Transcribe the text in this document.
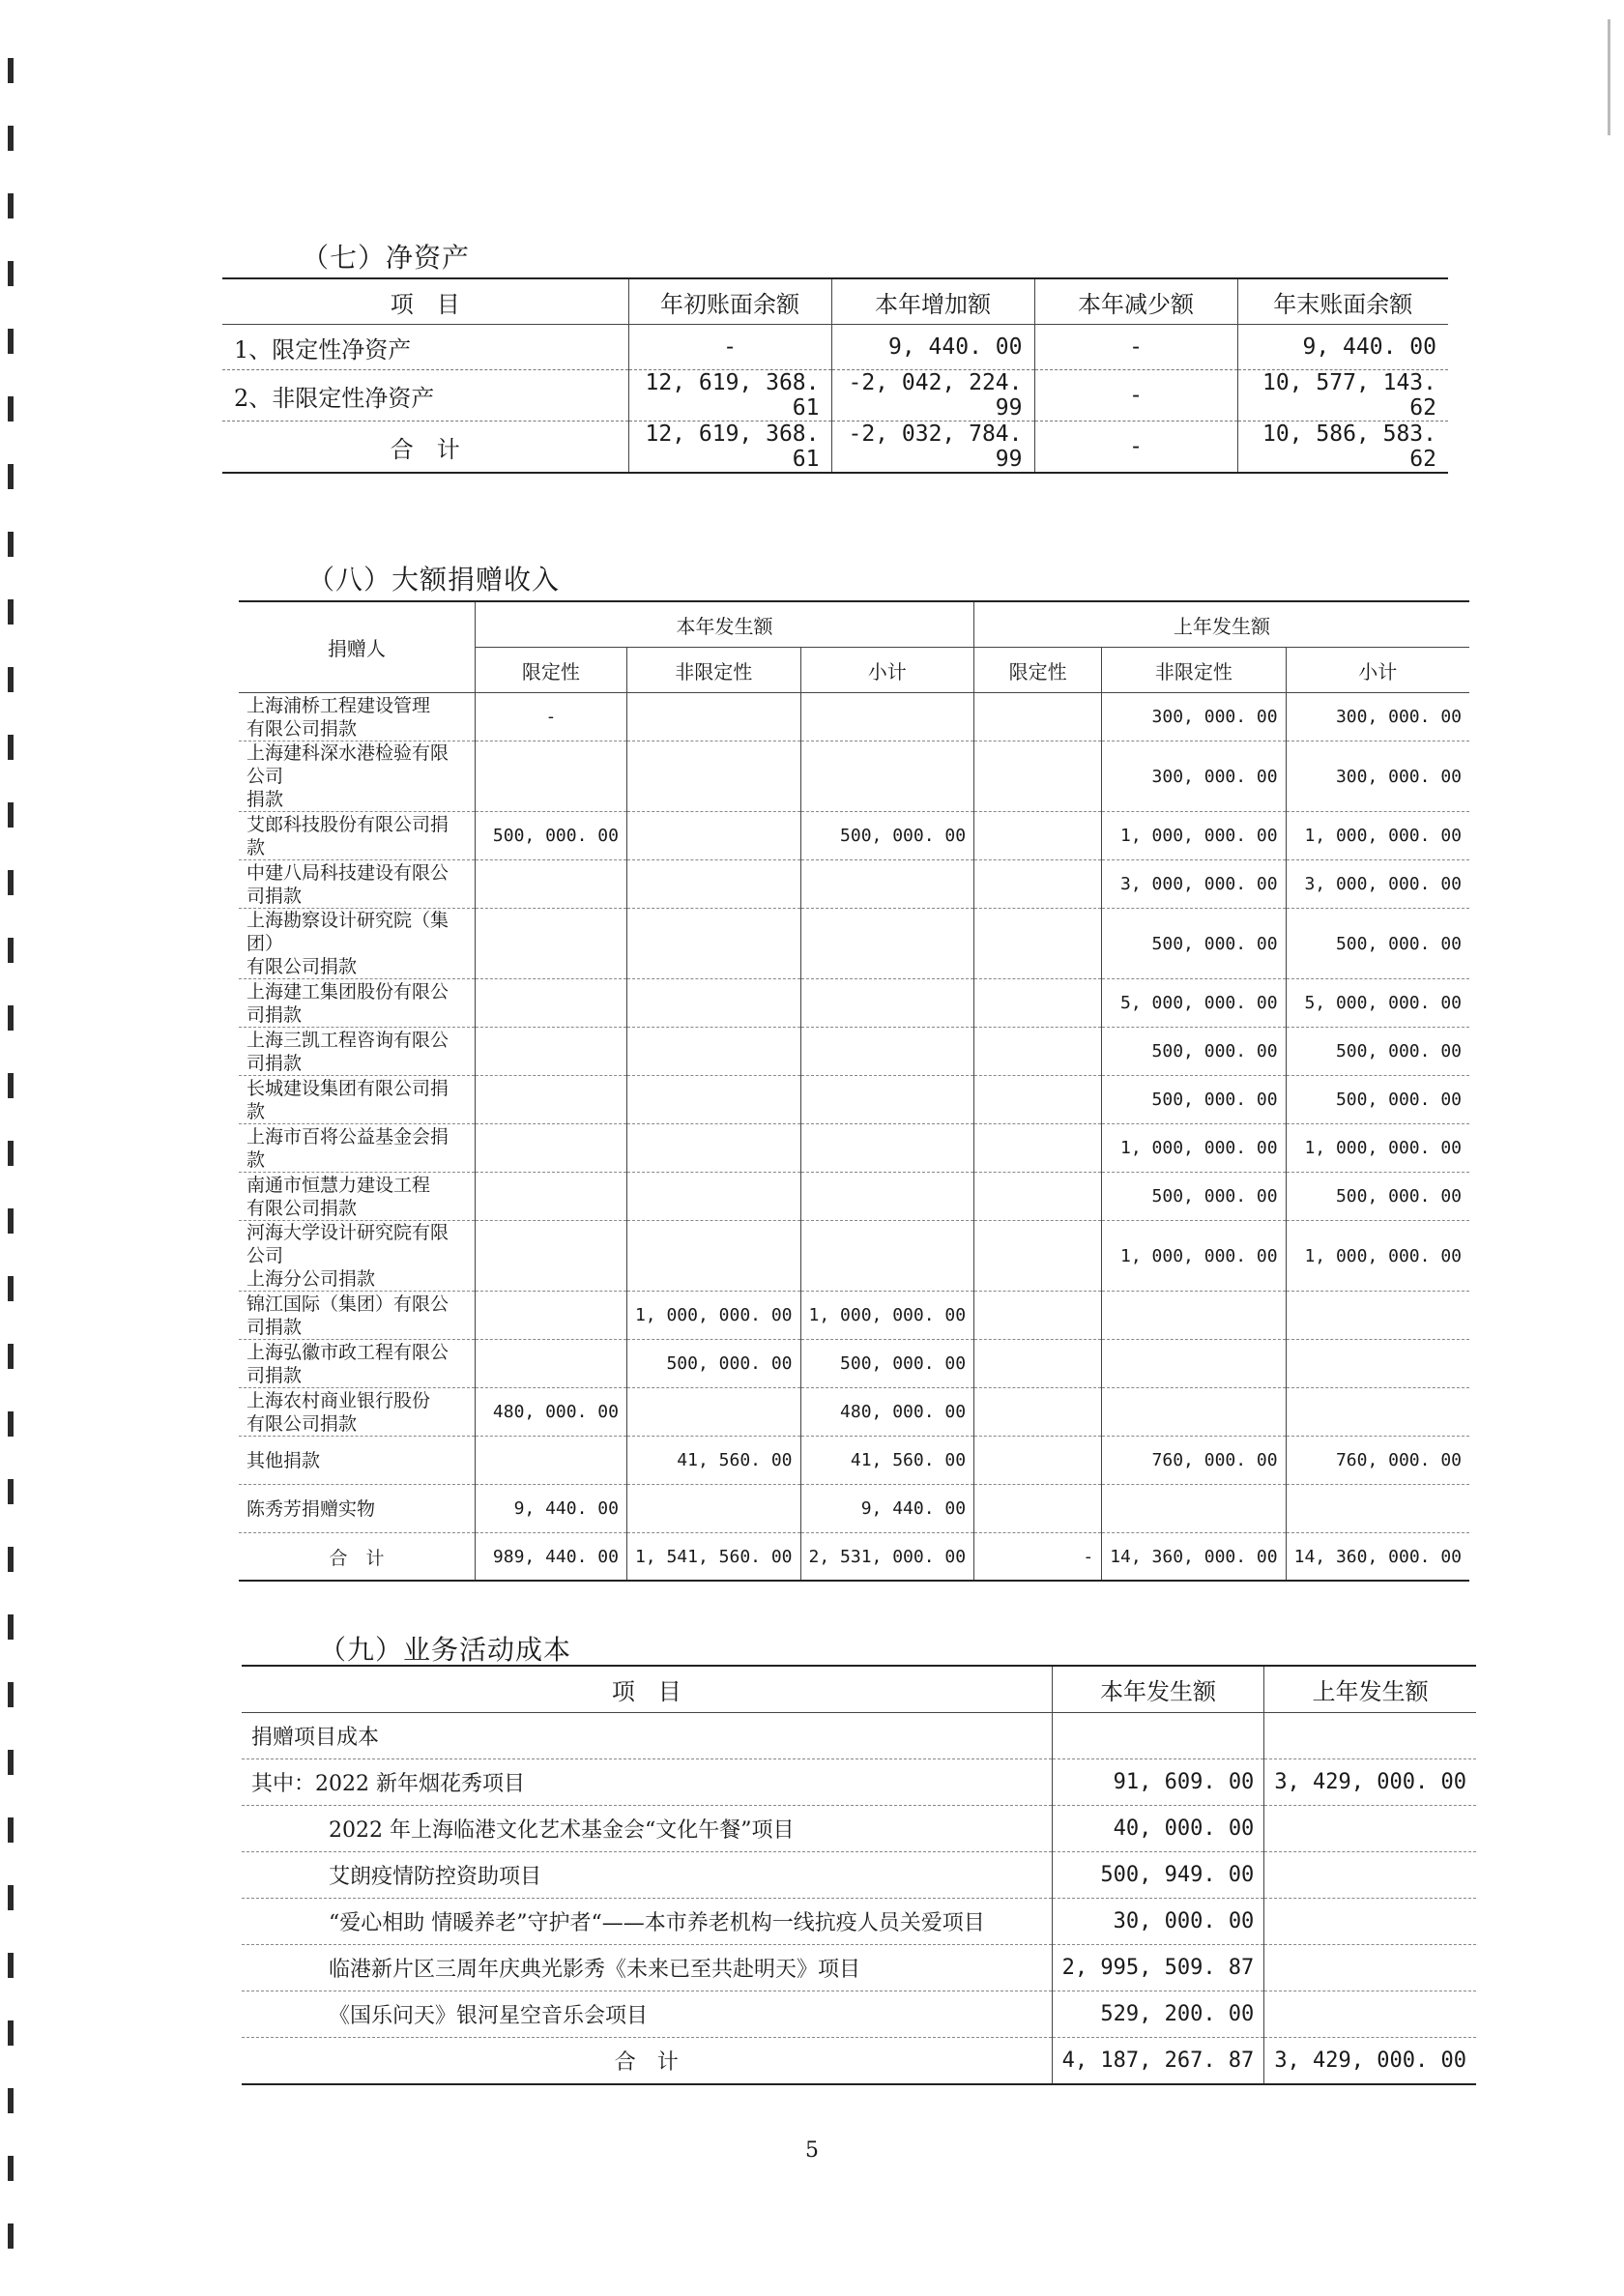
（七）净资产
项　目	年初账面余额	本年增加额	本年减少额	年末账面余额
1、限定性净资产	-	9, 440. 00	-	9, 440. 00
2、非限定性净资产	12, 619, 368. 61	-2, 042, 224. 99	-	10, 577, 143. 62
合　计	12, 619, 368. 61	-2, 032, 784. 99	-	10, 586, 583. 62
（八）大额捐赠收入
捐赠人	本年发生额			上年发生额		
	限定性	非限定性	小计	限定性	非限定性	小计
上海浦桥工程建设管理
有限公司捐款	-				300, 000. 00	300, 000. 00
上海建科深水港检验有限公司
捐款					300, 000. 00	300, 000. 00
艾郎科技股份有限公司捐款	500, 000. 00		500, 000. 00		1, 000, 000. 00	1, 000, 000. 00
中建八局科技建设有限公司捐款					3, 000, 000. 00	3, 000, 000. 00
上海勘察设计研究院（集团）
有限公司捐款					500, 000. 00	500, 000. 00
上海建工集团股份有限公司捐款					5, 000, 000. 00	5, 000, 000. 00
上海三凯工程咨询有限公司捐款					500, 000. 00	500, 000. 00
长城建设集团有限公司捐款					500, 000. 00	500, 000. 00
上海市百将公益基金会捐款					1, 000, 000. 00	1, 000, 000. 00
南通市恒慧力建设工程
有限公司捐款					500, 000. 00	500, 000. 00
河海大学设计研究院有限公司
上海分公司捐款					1, 000, 000. 00	1, 000, 000. 00
锦江国际（集团）有限公司捐款		1, 000, 000. 00	1, 000, 000. 00			
上海弘徽市政工程有限公司捐款		500, 000. 00	500, 000. 00			
上海农村商业银行股份
有限公司捐款	480, 000. 00		480, 000. 00			
其他捐款		41, 560. 00	41, 560. 00		760, 000. 00	760, 000. 00
陈秀芳捐赠实物	9, 440. 00		9, 440. 00			
合　计	989, 440. 00	1, 541, 560. 00	2, 531, 000. 00	-	14, 360, 000. 00	14, 360, 000. 00
（九）业务活动成本
项　目	本年发生额	上年发生额
捐赠项目成本		
其中：2022 新年烟花秀项目	91, 609. 00	3, 429, 000. 00
2022 年上海临港文化艺术基金会“文化午餐”项目	40, 000. 00	
艾朗疫情防控资助项目	500, 949. 00	
“爱心相助 情暖养老”守护者“——本市养老机构一线抗疫人员关爱项目	30, 000. 00	
临港新片区三周年庆典光影秀《未来已至共赴明天》项目	2, 995, 509. 87	
《国乐问天》银河星空音乐会项目	529, 200. 00	
合　计	4, 187, 267. 87	3, 429, 000. 00
5
